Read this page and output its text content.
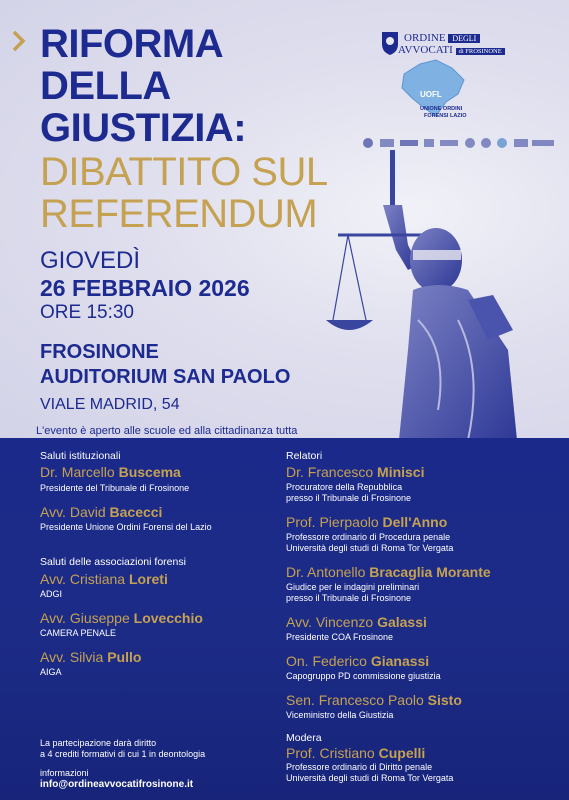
RIFORMA
DELLA
GIUSTIZIA:
DIBATTITO SUL
REFERENDUM
GIOVEDÌ
26 FEBBRAIO 2026
ORE 15:30
FROSINONE
AUDITORIUM SAN PAOLO
VIALE MADRID, 54
L'evento è aperto alle scuole ed alla cittadinanza tutta
ORDINE DEGLI
AVVOCATI di FROSINONE
UOFL
UNIONE ORDINI
FORENSI LAZIO
Saluti istituzionali
Dr. Marcello Buscema
Presidente del Tribunale di Frosinone
Avv. David Bacecci
Presidente Unione Ordini Forensi del Lazio
Saluti delle associazioni forensi
Avv. Cristiana Loreti
ADGI
Avv. Giuseppe Lovecchio
CAMERA PENALE
Avv. Silvia Pullo
AIGA
Relatori
Dr. Francesco Minisci
Procuratore della Repubblica
presso il Tribunale di Frosinone
Prof. Pierpaolo Dell'Anno
Professore ordinario di Procedura penale
Università degli studi di Roma Tor Vergata
Dr. Antonello Bracaglia Morante
Giudice per le indagini preliminari
presso il Tribunale di Frosinone
Avv. Vincenzo Galassi
Presidente COA Frosinone
On. Federico Gianassi
Capogruppo PD commissione giustizia
Sen. Francesco Paolo Sisto
Viceministro della Giustizia
Modera
Prof. Cristiano Cupelli
Professore ordinario di Diritto penale
Università degli studi di Roma Tor Vergata
La partecipazione darà diritto
a 4 crediti formativi di cui 1 in deontologia
informazioni
info@ordineavvocatifrosinone.it
